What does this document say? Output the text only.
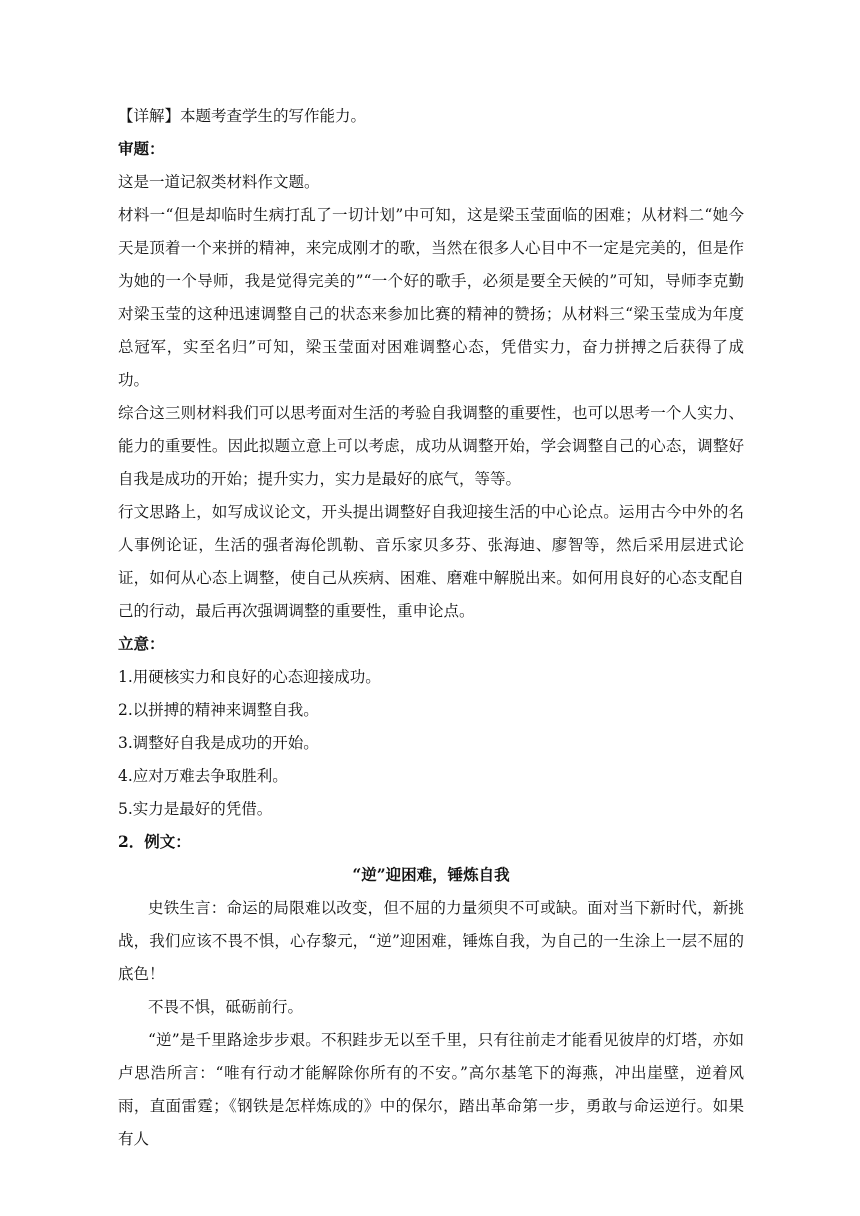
【详解】本题考查学生的写作能力。

审题：

这是一道记叙类材料作文题。

材料一“但是却临时生病打乱了一切计划”中可知，这是梁玉莹面临的困难；从材料二“她今天是顶着一个来拼的精神，来完成刚才的歌，当然在很多人心目中不一定是完美的，但是作为她的一个导师，我是觉得完美的”“一个好的歌手，必须是要全天候的”可知，导师李克勤对梁玉莹的这种迅速调整自己的状态来参加比赛的精神的赞扬；从材料三“梁玉莹成为年度总冠军，实至名归”可知，梁玉莹面对困难调整心态，凭借实力，奋力拼搏之后获得了成功。

综合这三则材料我们可以思考面对生活的考验自我调整的重要性，也可以思考一个人实力、能力的重要性。因此拟题立意上可以考虑，成功从调整开始，学会调整自己的心态，调整好自我是成功的开始；提升实力，实力是最好的底气，等等。

行文思路上，如写成议论文，开头提出调整好自我迎接生活的中心论点。运用古今中外的名人事例论证，生活的强者海伦凯勒、音乐家贝多芬、张海迪、廖智等，然后采用层进式论证，如何从心态上调整，使自己从疾病、困难、磨难中解脱出来。如何用良好的心态支配自己的行动，最后再次强调调整的重要性，重申论点。

立意：

1.用硬核实力和良好的心态迎接成功。

2.以拼搏的精神来调整自我。

3.调整好自我是成功的开始。

4.应对万难去争取胜利。

5.实力是最好的凭借。

2．例文：

“逆”迎困难，锤炼自我

史铁生言：命运的局限难以改变，但不屈的力量须臾不可或缺。面对当下新时代，新挑战，我们应该不畏不惧，心存黎元，“逆”迎困难，锤炼自我，为自己的一生涂上一层不屈的底色！

不畏不惧，砥砺前行。

“逆”是千里路途步步艰。不积跬步无以至千里，只有往前走才能看见彼岸的灯塔，亦如卢思浩所言：“唯有行动才能解除你所有的不安。”高尔基笔下的海燕，冲出崖壁，逆着风雨，直面雷霆；《钢铁是怎样炼成的》中的保尔，踏出革命第一步，勇敢与命运逆行。如果有人
